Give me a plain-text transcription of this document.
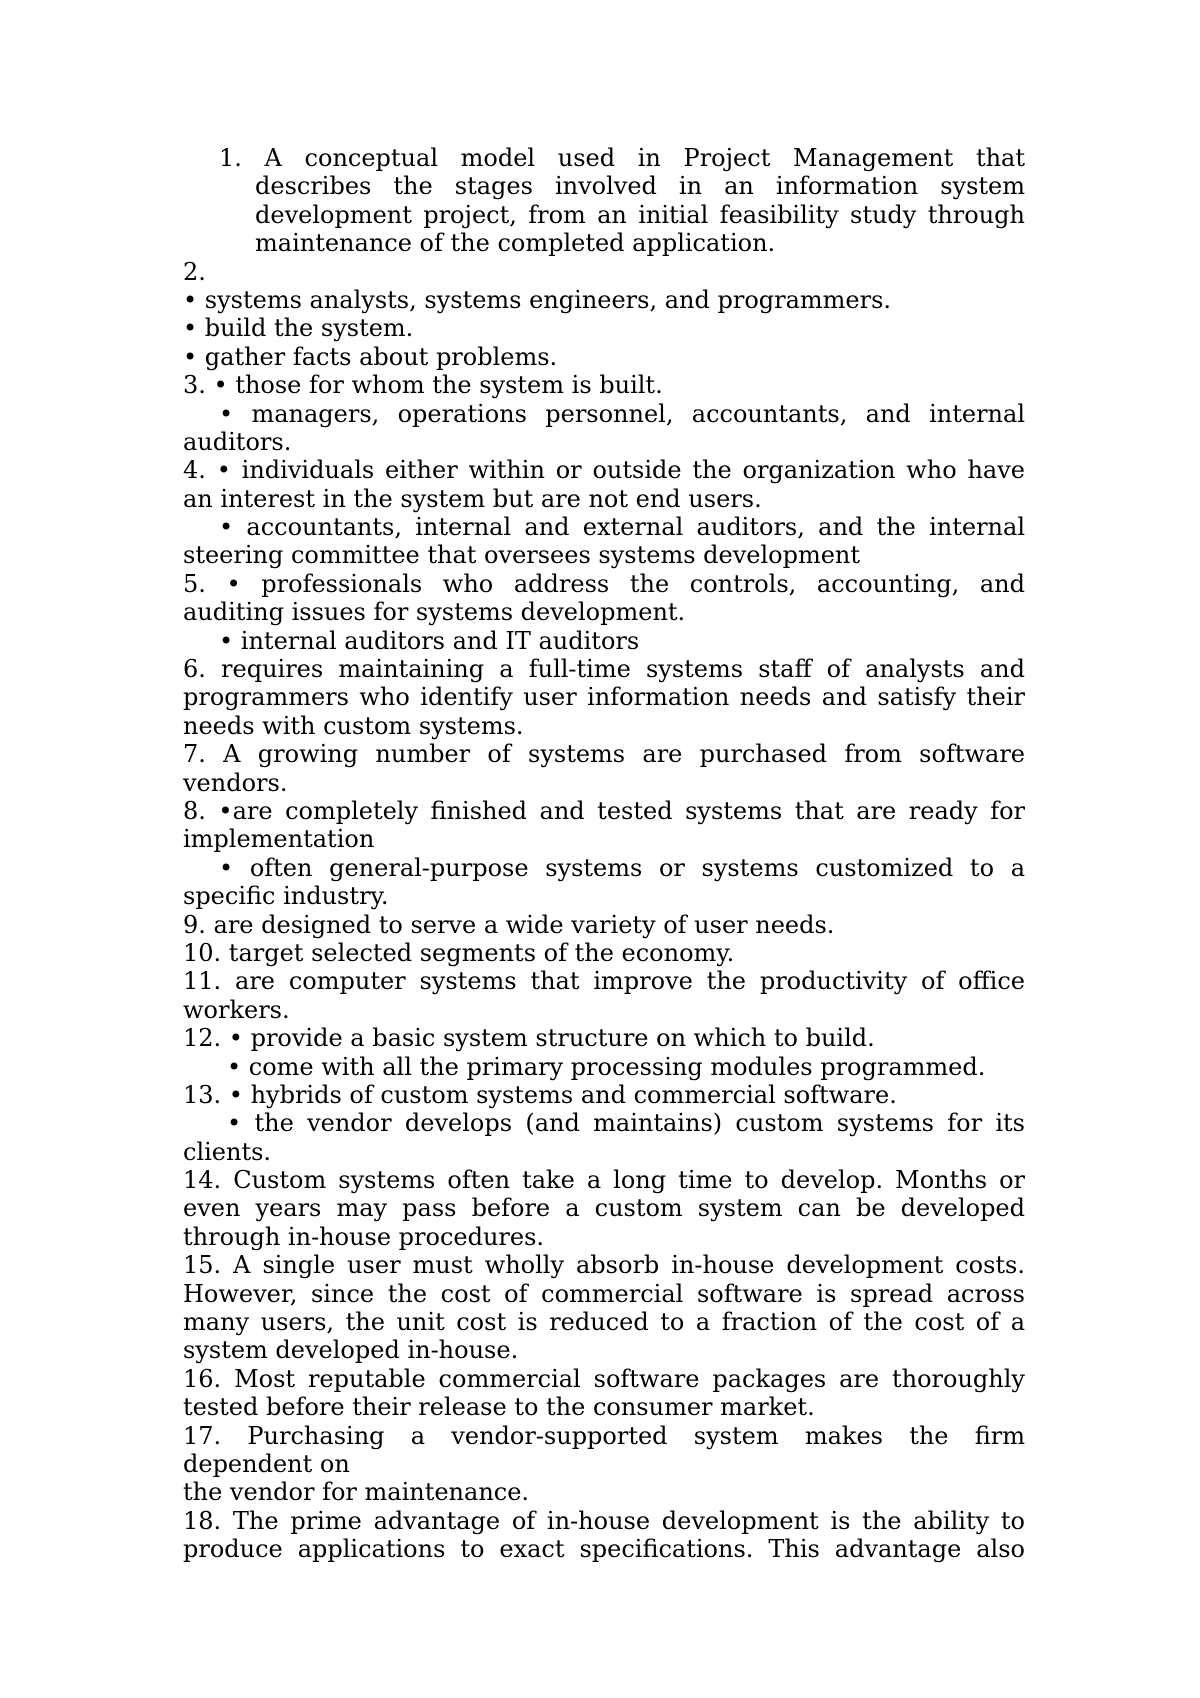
1. A conceptual model used in Project Management that
describes the stages involved in an information system
development project, from an initial feasibility study through
maintenance of the completed application.
2.
• systems analysts, systems engineers, and programmers.
• build the system.
• gather facts about problems.
3. • those for whom the system is built.
• managers, operations personnel, accountants, and internal
auditors.
4. • individuals either within or outside the organization who have
an interest in the system but are not end users.
• accountants, internal and external auditors, and the internal
steering committee that oversees systems development
5. • professionals who address the controls, accounting, and
auditing issues for systems development.
• internal auditors and IT auditors
6. requires maintaining a full-time systems staff of analysts and
programmers who identify user information needs and satisfy their
needs with custom systems.
7. A growing number of systems are purchased from software
vendors.
8. •are completely finished and tested systems that are ready for
implementation
• often general-purpose systems or systems customized to a
specific industry.
9. are designed to serve a wide variety of user needs.
10. target selected segments of the economy.
11. are computer systems that improve the productivity of office
workers.
12. • provide a basic system structure on which to build.
• come with all the primary processing modules programmed.
13. • hybrids of custom systems and commercial software.
• the vendor develops (and maintains) custom systems for its
clients.
14. Custom systems often take a long time to develop. Months or
even years may pass before a custom system can be developed
through in-house procedures.
15. A single user must wholly absorb in-house development costs.
However, since the cost of commercial software is spread across
many users, the unit cost is reduced to a fraction of the cost of a
system developed in-house.
16. Most reputable commercial software packages are thoroughly
tested before their release to the consumer market.
17. Purchasing a vendor-supported system makes the firm
dependent on
the vendor for maintenance.
18. The prime advantage of in-house development is the ability to
produce applications to exact specifications. This advantage also
